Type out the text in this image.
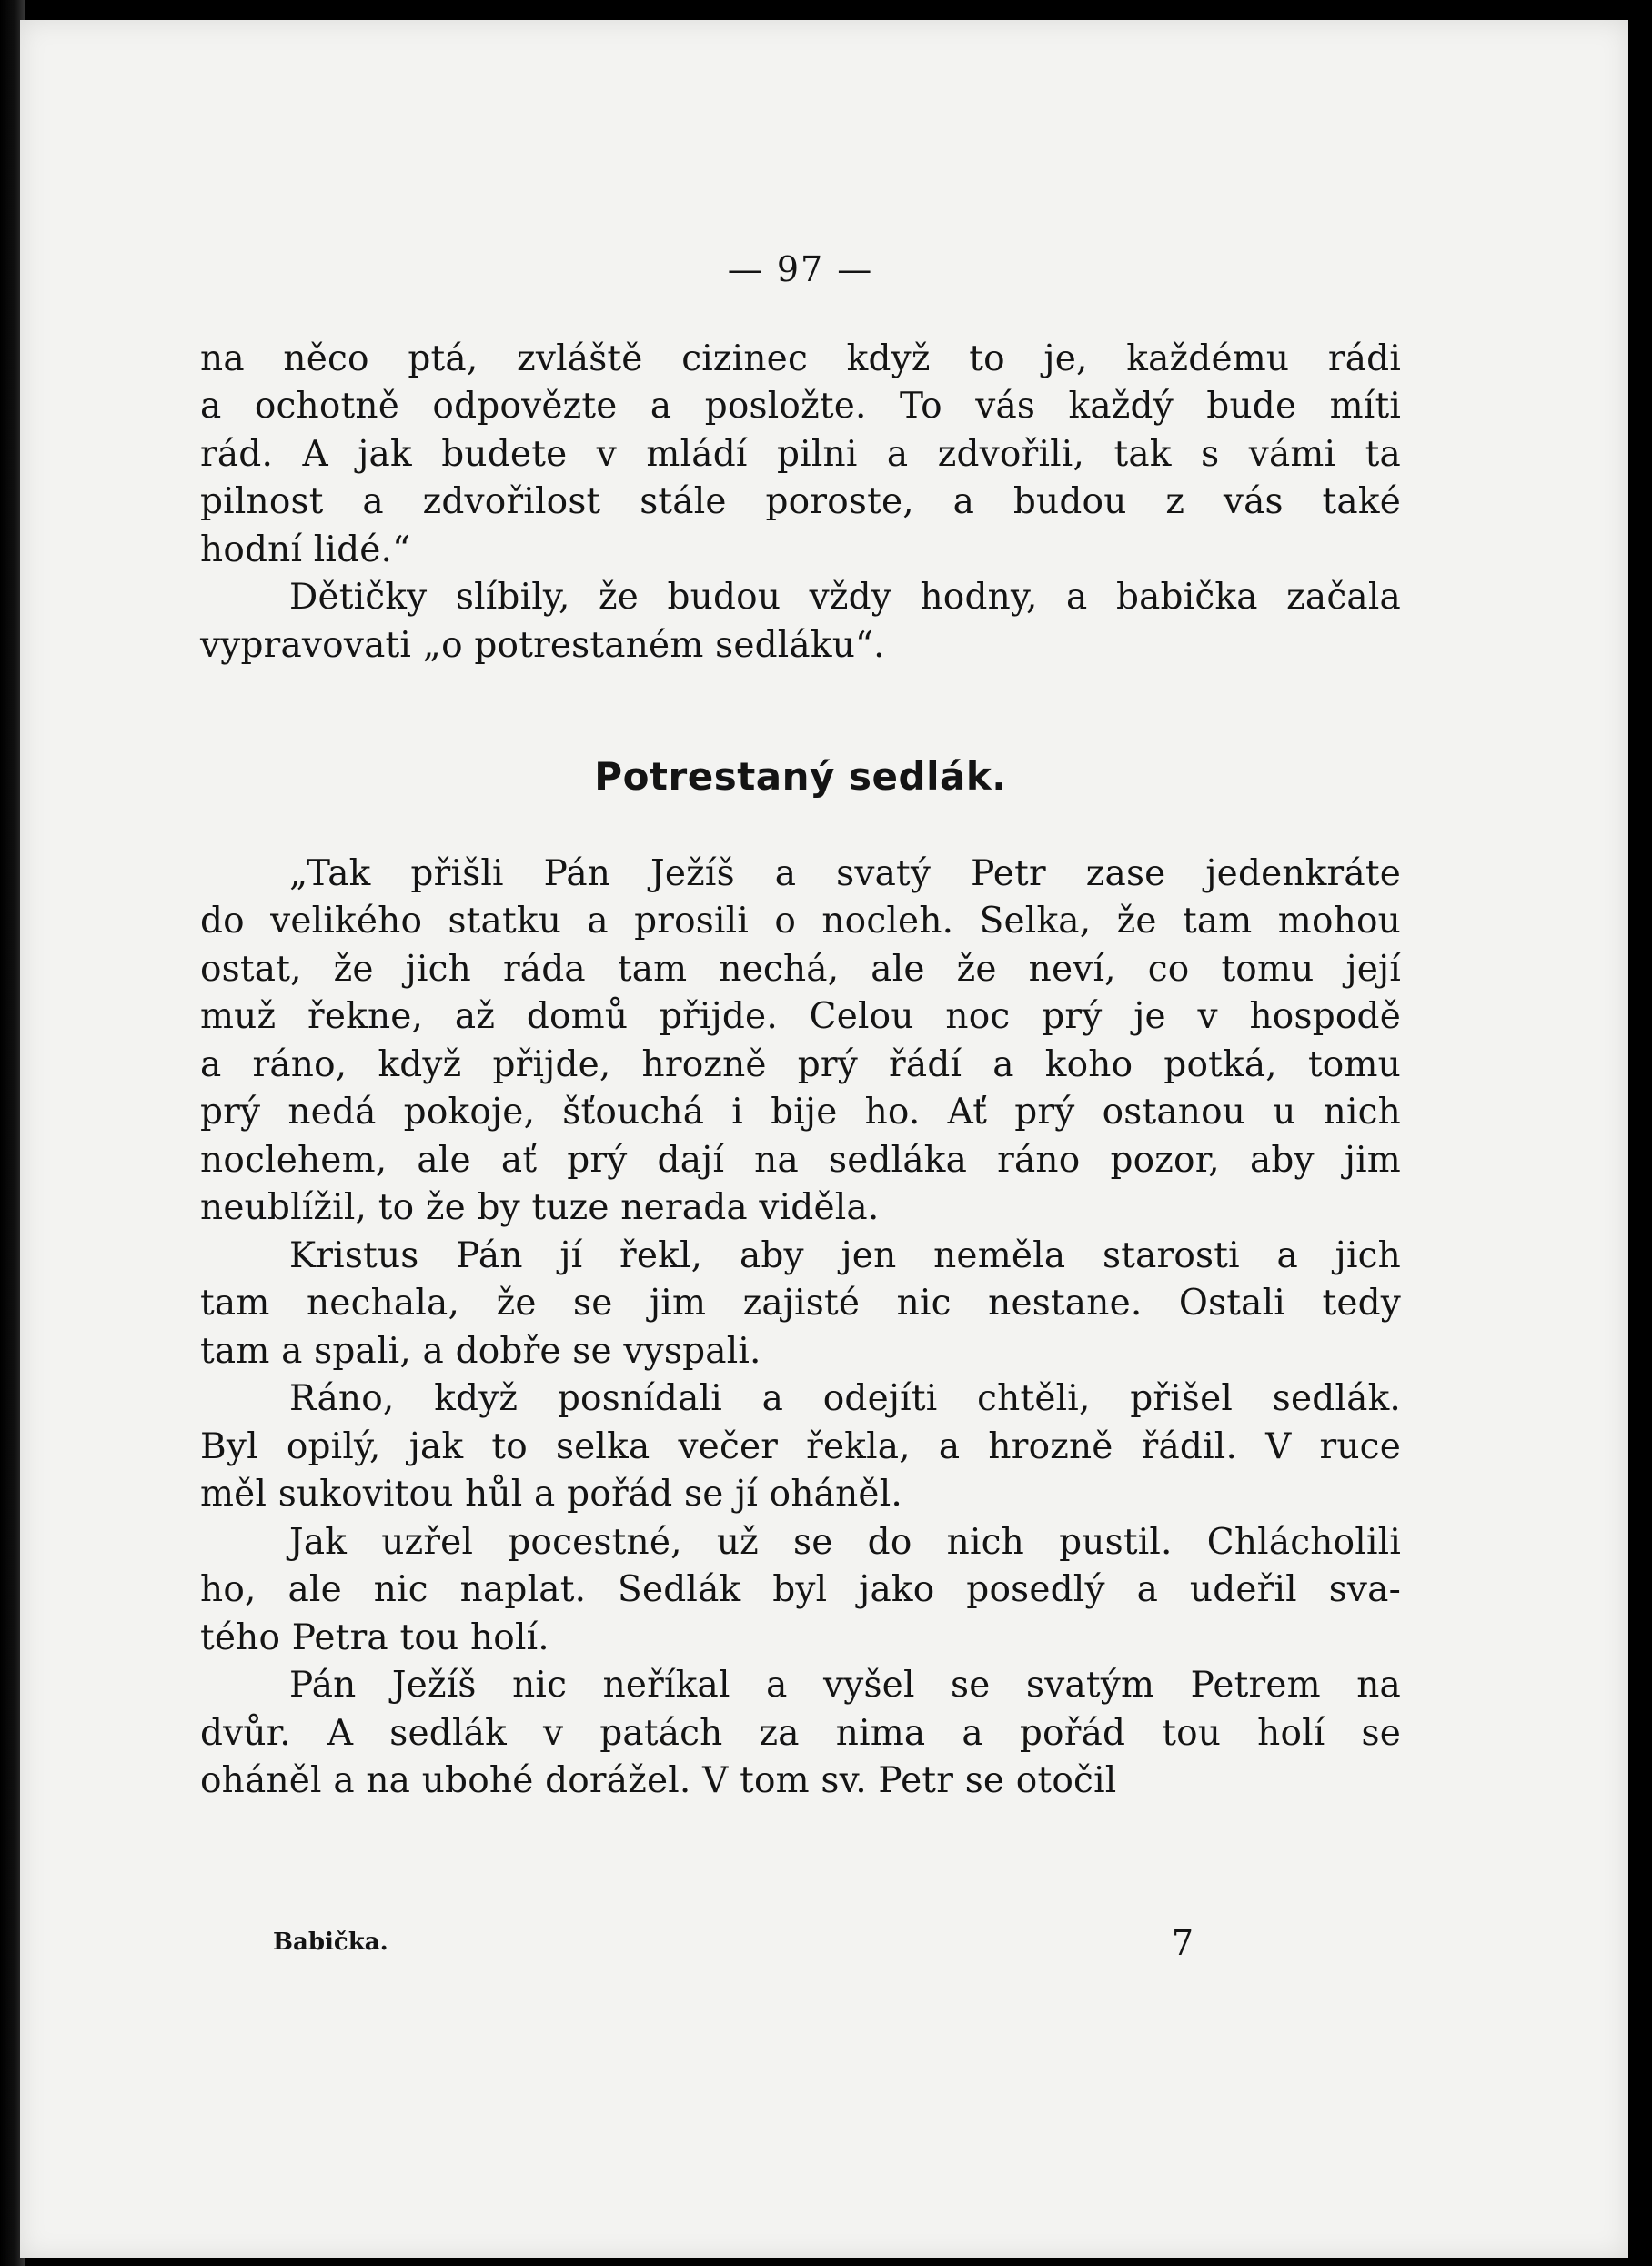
— 97 —

na něco ptá, zvláště cizinec když to je, každému rádi
a ochotně odpovězte a posložte. To vás každý bude míti
rád. A jak budete v mládí pilni a zdvořili, tak s vámi ta
pilnost a zdvořilost stále poroste, a budou z vás také
hodní lidé.“

Dětičky slíbily, že budou vždy hodny, a babička začala
vypravovati „o potrestaném sedláku“.

Potrestaný sedlák.

„Tak přišli Pán Ježíš a svatý Petr zase jedenkráte
do velikého statku a prosili o nocleh. Selka, že tam mohou
ostat, že jich ráda tam nechá, ale že neví, co tomu její
muž řekne, až domů přijde. Celou noc prý je v hospodě
a ráno, když přijde, hrozně prý řádí a koho potká, tomu
prý nedá pokoje, šťouchá i bije ho. Ať prý ostanou u nich
noclehem, ale ať prý dají na sedláka ráno pozor, aby jim
neublížil, to že by tuze nerada viděla.

Kristus Pán jí řekl, aby jen neměla starosti a jich
tam nechala, že se jim zajisté nic nestane. Ostali tedy
tam a spali, a dobře se vyspali.

Ráno, když posnídali a odejíti chtěli, přišel sedlák.
Byl opilý, jak to selka večer řekla, a hrozně řádil. V ruce
měl sukovitou hůl a pořád se jí oháněl.

Jak uzřel pocestné, už se do nich pustil. Chlácholili
ho, ale nic naplat. Sedlák byl jako posedlý a udeřil sva-
tého Petra tou holí.

Pán Ježíš nic neříkal a vyšel se svatým Petrem na
dvůr. A sedlák v patách za nima a pořád tou holí se
oháněl a na ubohé dorážel. V tom sv. Petr se otočil

Babička.	7
